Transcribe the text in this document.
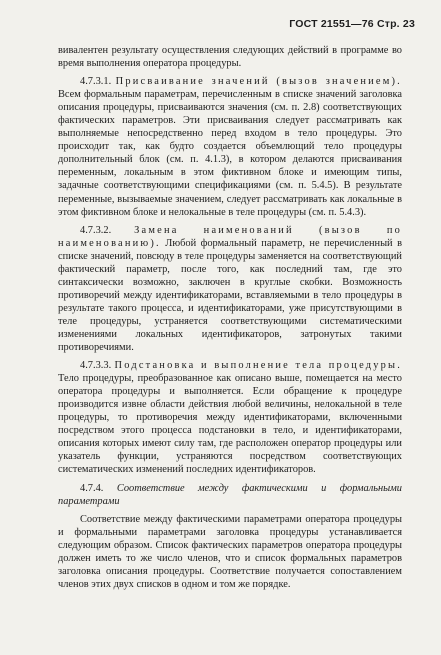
ГОСТ 21551—76 Стр. 23

вивалентен результату осуществления следующих действий в программе во время выполнения оператора процедуры.

4.7.3.1. Присваивание значений (вызов значением). Всем формальным параметрам, перечисленным в списке значений заголовка описания процедуры, присваиваются значения (см. п. 2.8) соответствующих фактических параметров. Эти присваивания следует рассматривать как выполняемые непосредственно перед входом в тело процедуры. Это происходит так, как будто создается объемлющий тело процедуры дополнительный блок (см. п. 4.1.3), в котором делаются присваивания переменным, локальным в этом фиктивном блоке и имеющим типы, задачные соответствующими спецификациями (см. п. 5.4.5). В результате переменные, вызываемые значением, следует рассматривать как локальные в этом фиктивном блоке и нелокальные в теле процедуры (см. п. 5.4.3).

4.7.3.2. Замена наименований (вызов по наименованию). Любой формальный параметр, не перечисленный в списке значений, повсюду в теле процедуры заменяется на соответствующий фактический параметр, после того, как последний там, где это синтаксически возможно, заключен в круглые скобки. Возможность противоречий между идентификаторами, вставляемыми в тело процедуры в результате такого процесса, и идентификаторами, уже присутствующими в теле процедуры, устраняется соответствующими систематическими изменениями локальных идентификаторов, затронутых такими противоречиями.

4.7.3.3. Подстановка и выполнение тела процедуры. Тело процедуры, преобразованное как описано выше, помещается на место оператора процедуры и выполняется. Если обращение к процедуре производится извне области действия любой величины, нелокальной в теле процедуры, то противоречия между идентификаторами, включенными посредством этого процесса подстановки в тело, и идентификаторами, описания которых имеют силу там, где расположен оператор процедуры или указатель функции, устраняются посредством соответствующих систематических изменений последних идентификаторов.

4.7.4. Соответствие между фактическими и формальными параметрами

Соответствие между фактическими параметрами оператора процедуры и формальными параметрами заголовка процедуры устанавливается следующим образом. Список фактических параметров оператора процедуры должен иметь то же число членов, что и список формальных параметров заголовка описания процедуры. Соответствие получается сопоставлением членов этих двух списков в одном и том же порядке.
